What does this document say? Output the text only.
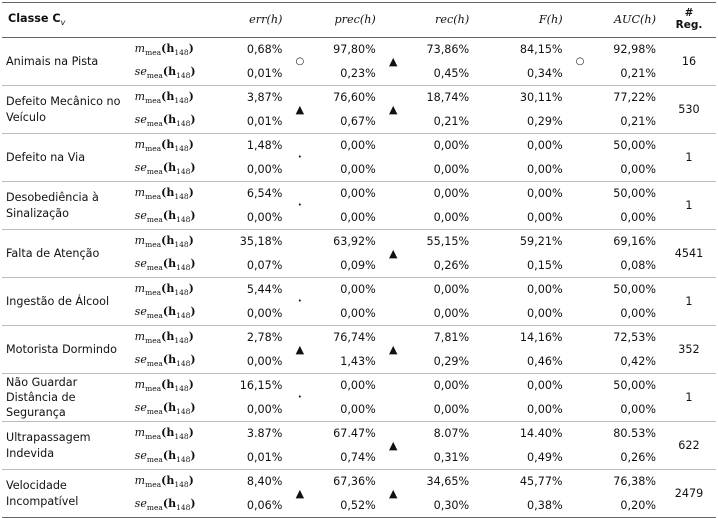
Classe $C_v$		err(h)		prec(h)		rec(h)		F(h)		AUC(h)	#
Reg.
Animais na Pista	$m_{mea}(h_{148})$	0,68%	○	97,80%	▲	73,86%		84,15%	○	92,98%	16
	$se_{mea}(h_{148})$	0,01%		0,23%		0,45%		0,34%		0,21%	
Defeito Mecânico no Veículo	$m_{mea}(h_{148})$	3,87%	▲	76,60%	▲	18,74%		30,11%		77,22%	530
	$se_{mea}(h_{148})$	0,01%		0,67%		0,21%		0,29%		0,21%	
Defeito na Via	$m_{mea}(h_{148})$	1,48%	•	0,00%		0,00%		0,00%		50,00%	1
	$se_{mea}(h_{148})$	0,00%		0,00%		0,00%		0,00%		0,00%	
Desobediência à Sinalização	$m_{mea}(h_{148})$	6,54%	•	0,00%		0,00%		0,00%		50,00%	1
	$se_{mea}(h_{148})$	0,00%		0,00%		0,00%		0,00%		0,00%	
Falta de Atenção	$m_{mea}(h_{148})$	35,18%		63,92%	▲	55,15%		59,21%		69,16%	4541
	$se_{mea}(h_{148})$	0,07%		0,09%		0,26%		0,15%		0,08%	
Ingestão de Álcool	$m_{mea}(h_{148})$	5,44%	•	0,00%		0,00%		0,00%		50,00%	1
	$se_{mea}(h_{148})$	0,00%		0,00%		0,00%		0,00%		0,00%	
Motorista Dormindo	$m_{mea}(h_{148})$	2,78%	▲	76,74%	▲	7,81%		14,16%		72,53%	352
	$se_{mea}(h_{148})$	0,00%		1,43%		0,29%		0,46%		0,42%	
Não Guardar Distância de Segurança	$m_{mea}(h_{148})$	16,15%	•	0,00%		0,00%		0,00%		50,00%	1
	$se_{mea}(h_{148})$	0,00%		0,00%		0,00%		0,00%		0,00%	
Ultrapassagem Indevida	$m_{mea}(h_{148})$	3.87%		67.47%	▲	8.07%		14.40%		80.53%	622
	$se_{mea}(h_{148})$	0,01%		0,74%		0,31%		0,49%		0,26%	
Velocidade Incompatível	$m_{mea}(h_{148})$	8,40%	▲	67,36%	▲	34,65%		45,77%		76,38%	2479
	$se_{mea}(h_{148})$	0,06%		0,52%		0,30%		0,38%		0,20%	
